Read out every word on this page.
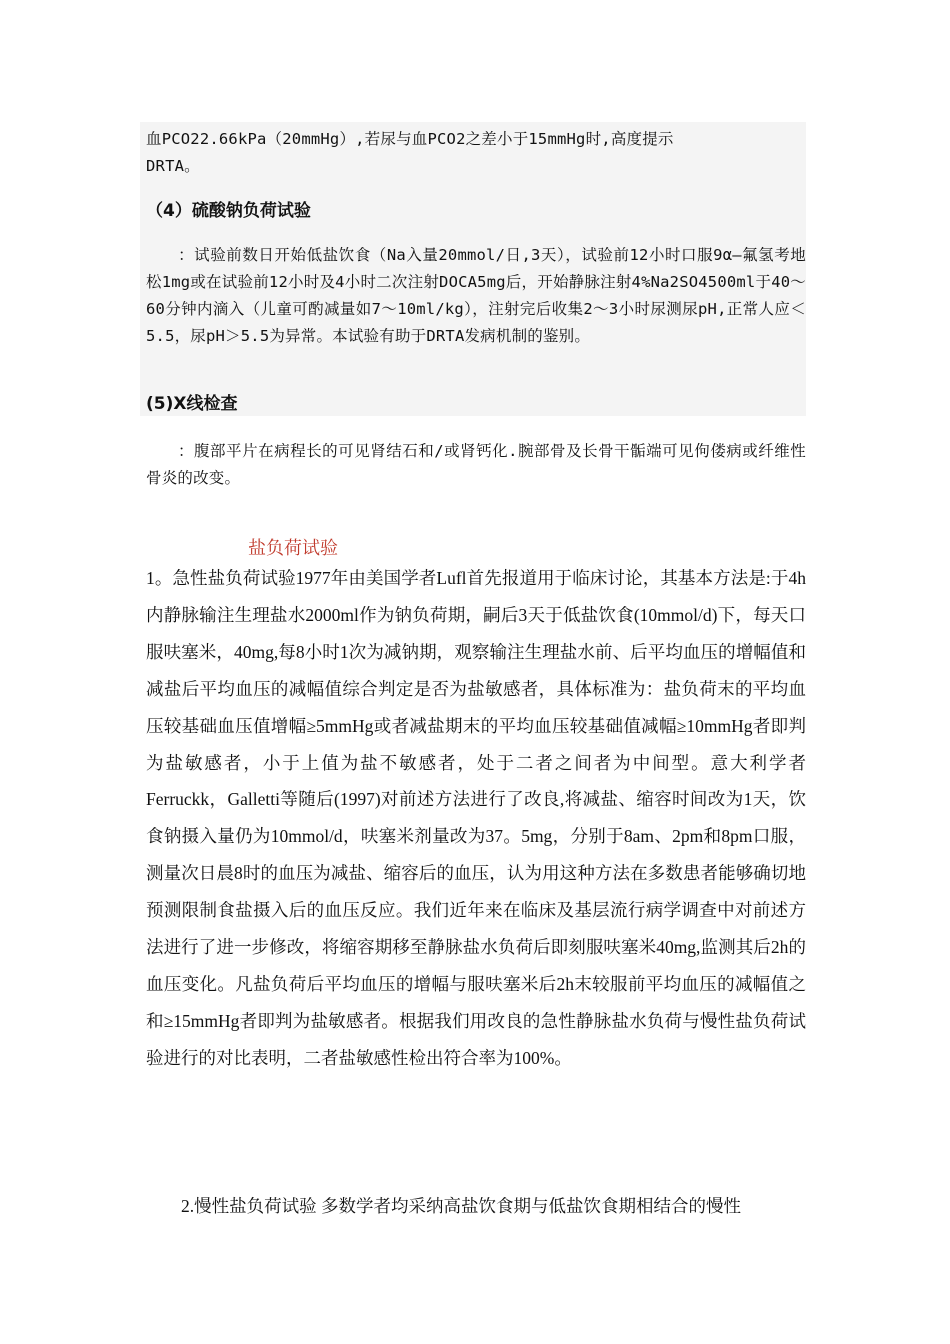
血PCO22.66kPa（20mmHg）,若尿与血PCO2之差小于15mmHg时,高度提示
DRTA。

（4）硫酸钠负荷试验

　　：试验前数日开始低盐饮食（Na入量20mmol/日,3天），试验前12小时口服9α—氟氢考地松1mg或在试验前12小时及4小时二次注射DOCA5mg后，开始静脉注射4%Na2SO4500ml于40～60分钟内滴入（儿童可酌减量如7～10ml/kg），注射完后收集2～3小时尿测尿pH,正常人应＜5.5，尿pH＞5.5为异常。本试验有助于DRTA发病机制的鉴别。

(5)X线检查

　　：腹部平片在病程长的可见肾结石和/或肾钙化.腕部骨及长骨干骺端可见佝偻病或纤维性骨炎的改变。

盐负荷试验

1。急性盐负荷试验1977年由美国学者Lufl首先报道用于临床讨论，其基本方法是:于4h内静脉输注生理盐水2000ml作为钠负荷期，嗣后3天于低盐饮食(10mmol/d)下，每天口服呋塞米，40mg,每8小时1次为减钠期，观察输注生理盐水前、后平均血压的增幅值和减盐后平均血压的减幅值综合判定是否为盐敏感者，具体标准为：盐负荷末的平均血压较基础血压值增幅≥5mmHg或者减盐期末的平均血压较基础值减幅≥10mmHg者即判为盐敏感者，小于上值为盐不敏感者，处于二者之间者为中间型。意大利学者Ferruckk，Galletti等随后(1997)对前述方法进行了改良,将减盐、缩容时间改为1天，饮食钠摄入量仍为10mmol/d，呋塞米剂量改为37。5mg，分别于8am、2pm和8pm口服，测量次日晨8时的血压为减盐、缩容后的血压，认为用这种方法在多数患者能够确切地预测限制食盐摄入后的血压反应。我们近年来在临床及基层流行病学调查中对前述方法进行了进一步修改，将缩容期移至静脉盐水负荷后即刻服呋塞米40mg,监测其后2h的血压变化。凡盐负荷后平均血压的增幅与服呋塞米后2h末较服前平均血压的减幅值之和≥15mmHg者即判为盐敏感者。根据我们用改良的急性静脉盐水负荷与慢性盐负荷试验进行的对比表明，二者盐敏感性检出符合率为100%。

　　2.慢性盐负荷试验 多数学者均采纳高盐饮食期与低盐饮食期相结合的慢性
